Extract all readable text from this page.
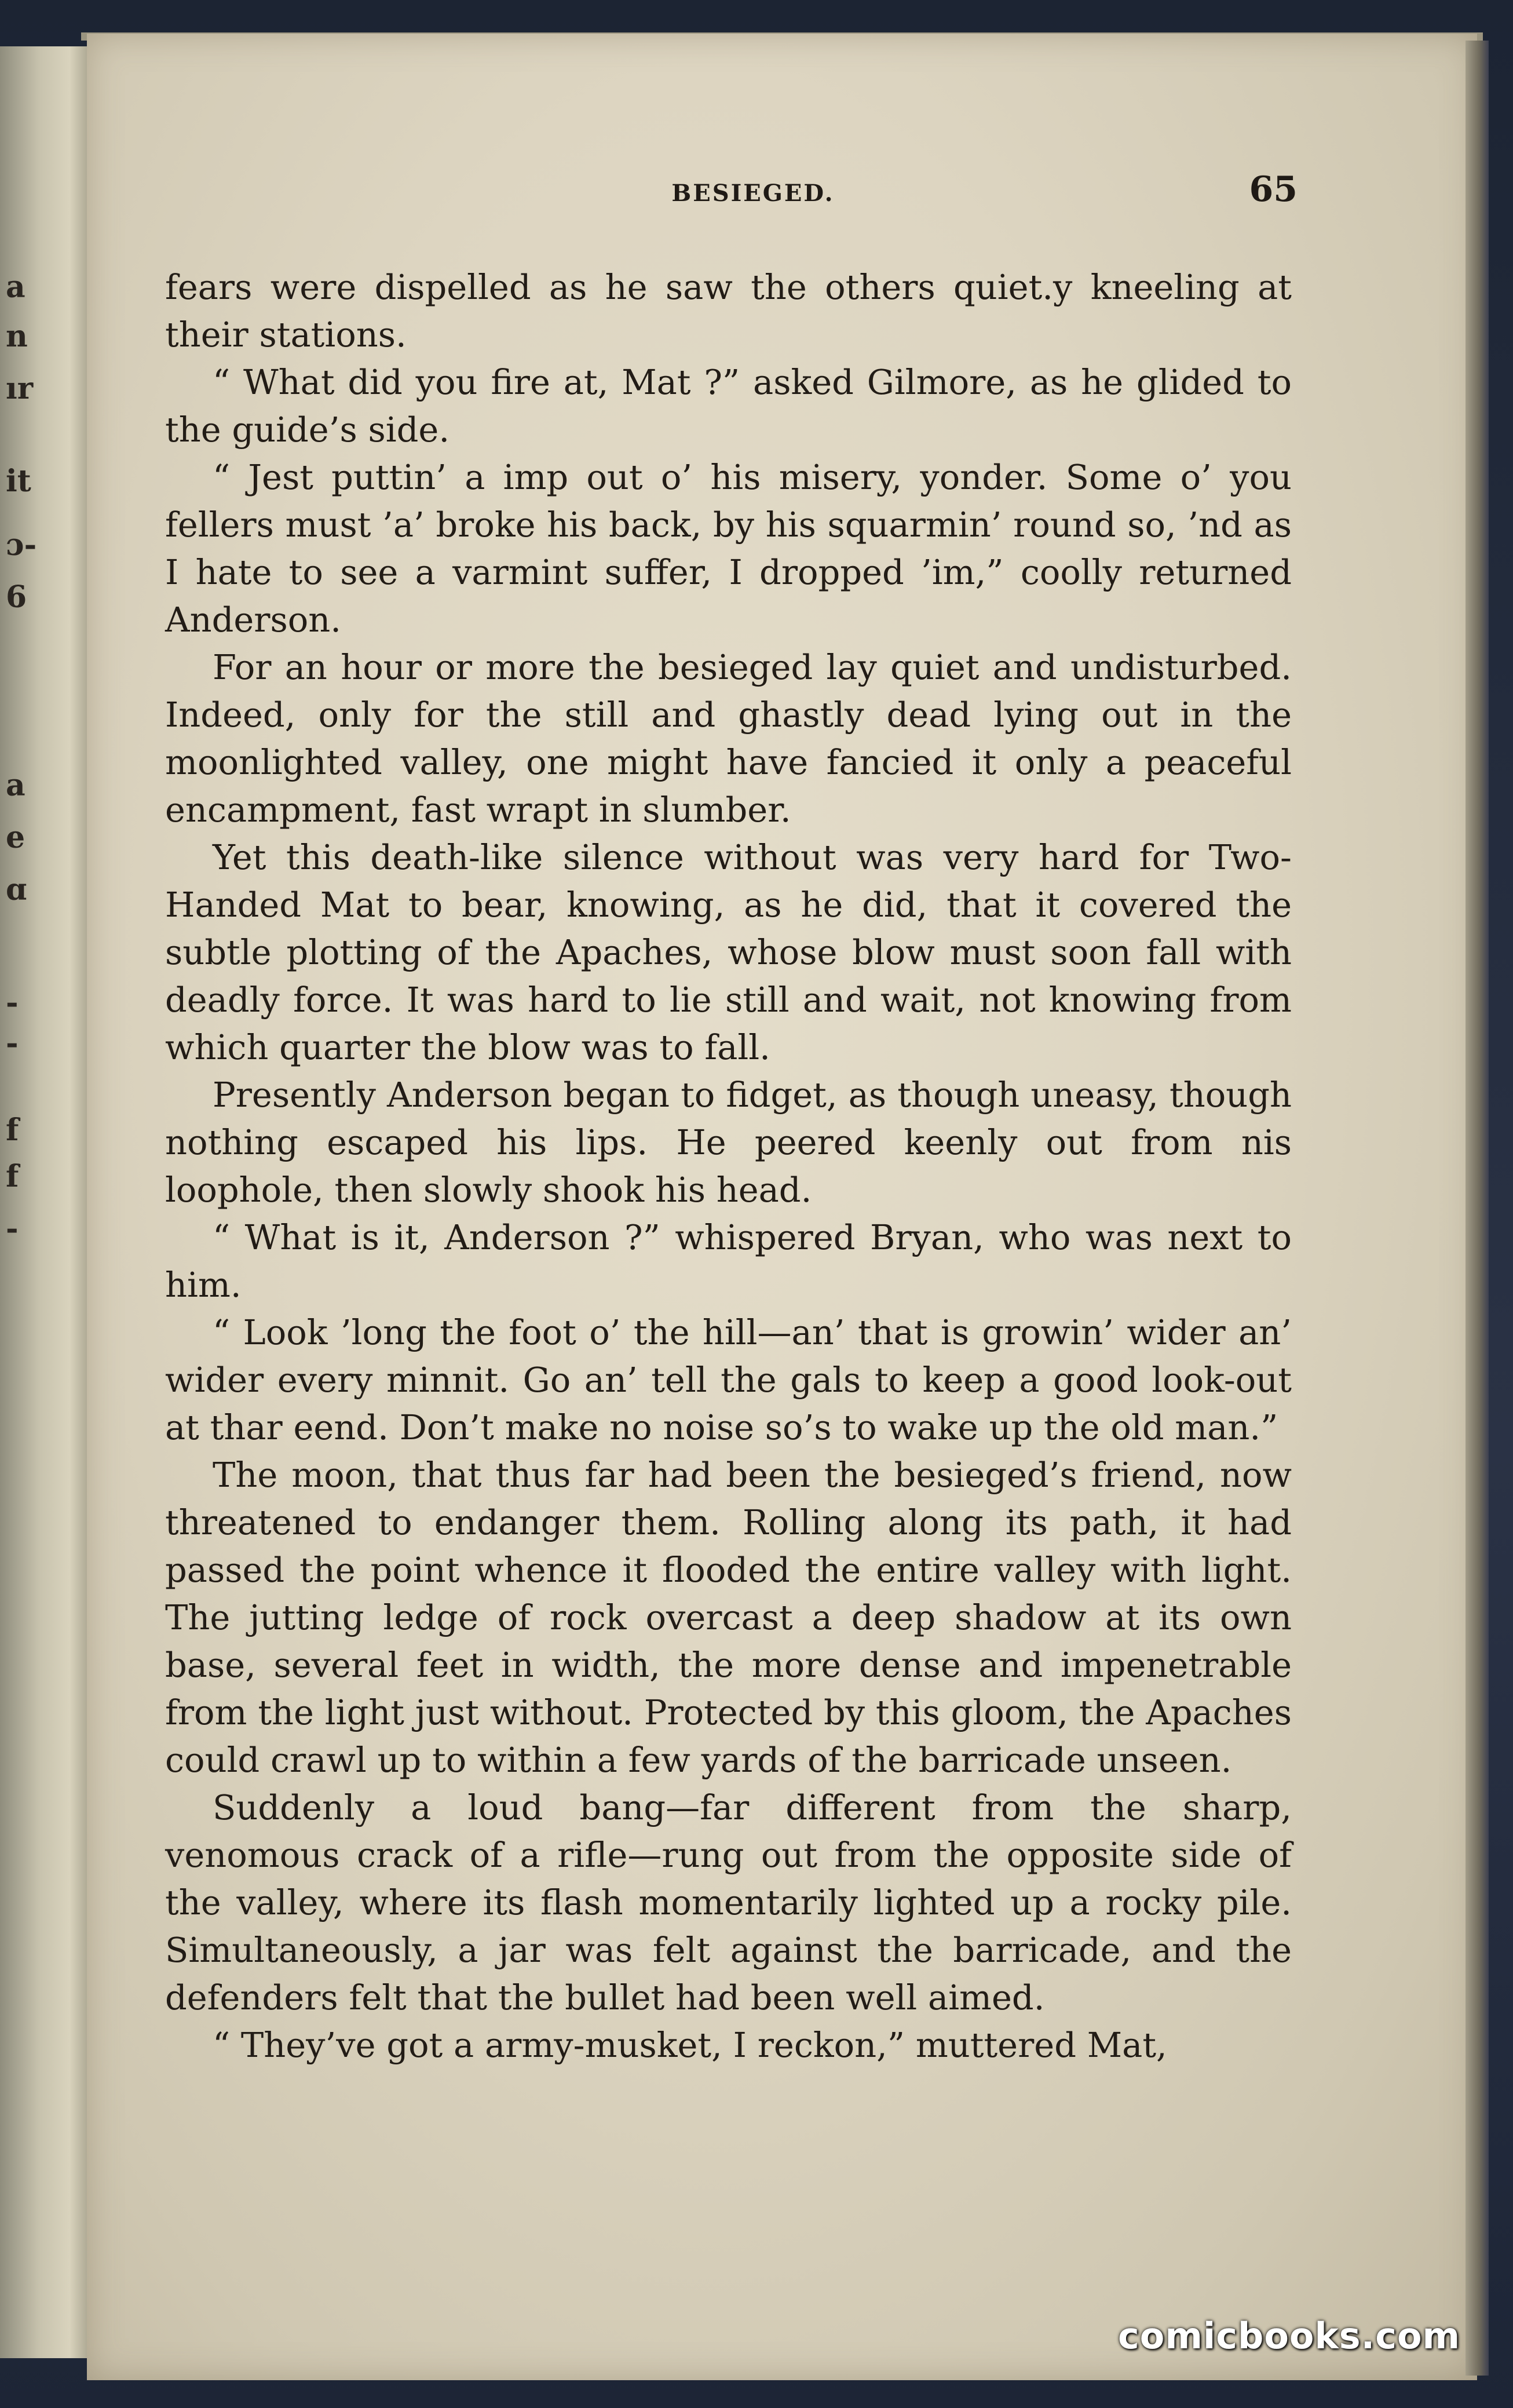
a
n
ır
it
ɔ-
6
a
e
ɑ
-
-
f
f
-
BESIEGED.	65

fears were dispelled as he saw the others quiet.y kneeling at their stations.

“ What did you fire at, Mat ?” asked Gilmore, as he glided to the guide’s side.

“ Jest puttin’ a imp out o’ his misery, yonder. Some o’ you fellers must ’a’ broke his back, by his squarmin’ round so, ’nd as I hate to see a varmint suffer, I dropped ’im,” coolly returned Anderson.

For an hour or more the besieged lay quiet and undisturbed. Indeed, only for the still and ghastly dead lying out in the moonlighted valley, one might have fancied it only a peaceful encampment, fast wrapt in slumber.

Yet this death-like silence without was very hard for Two-Handed Mat to bear, knowing, as he did, that it covered the subtle plotting of the Apaches, whose blow must soon fall with deadly force. It was hard to lie still and wait, not knowing from which quarter the blow was to fall.

Presently Anderson began to fidget, as though uneasy, though nothing escaped his lips. He peered keenly out from nis loophole, then slowly shook his head.

“ What is it, Anderson ?” whispered Bryan, who was next to him.

“ Look ’long the foot o’ the hill—an’ that is growin’ wider an’ wider every minnit. Go an’ tell the gals to keep a good look-out at thar eend. Don’t make no noise so’s to wake up the old man.”

The moon, that thus far had been the besieged’s friend, now threatened to endanger them. Rolling along its path, it had passed the point whence it flooded the entire valley with light. The jutting ledge of rock overcast a deep shadow at its own base, several feet in width, the more dense and impenetrable from the light just without. Protected by this gloom, the Apaches could crawl up to within a few yards of the barricade unseen.

Suddenly a loud bang—far different from the sharp, venomous crack of a rifle—rung out from the opposite side of the valley, where its flash momentarily lighted up a rocky pile. Simultaneously, a jar was felt against the barricade, and the defenders felt that the bullet had been well aimed.

“ They’ve got a army-musket, I reckon,” muttered Mat,

comicbooks.com
